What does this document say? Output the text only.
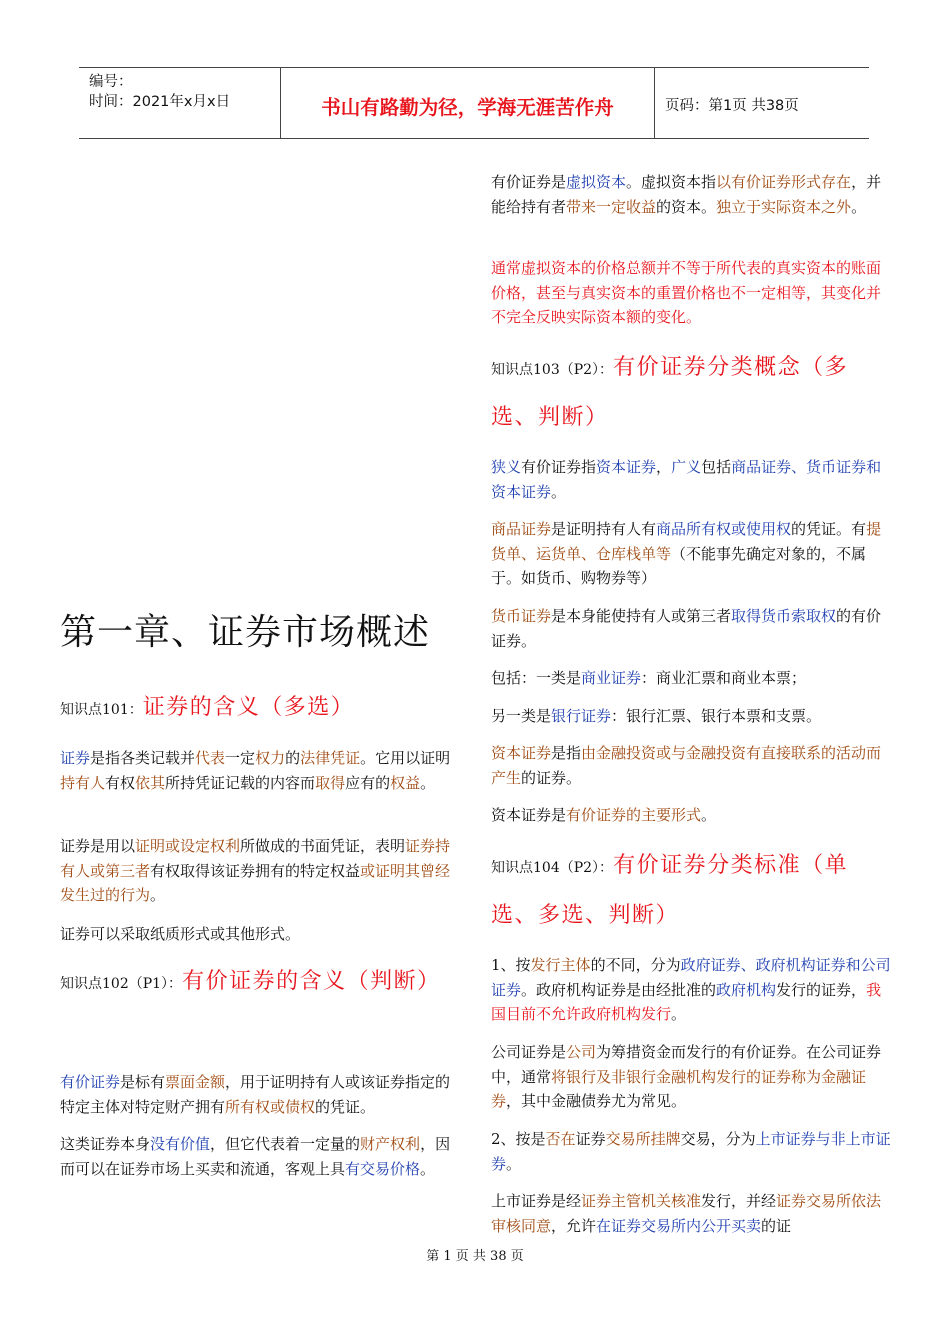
编号：
时间：2021年x月x日	书山有路勤为径，学海无涯苦作舟	页码：第1页 共38页
第一章、证券市场概述
知识点101：证券的含义（多选）

证券是指各类记载并代表一定权力的法律凭证。它用以证明持有人有权依其所持凭证记载的内容而取得应有的权益。

证券是用以证明或设定权利所做成的书面凭证，表明证券持有人或第三者有权取得该证券拥有的特定权益或证明其曾经发生过的行为。

证券可以采取纸质形式或其他形式。

知识点102（P1）：有价证券的含义（判断）

有价证券是标有票面金额，用于证明持有人或该证券指定的特定主体对特定财产拥有所有权或债权的凭证。

这类证券本身没有价值，但它代表着一定量的财产权利，因而可以在证券市场上买卖和流通，客观上具有交易价格。

有价证券是虚拟资本。虚拟资本指以有价证券形式存在，并能给持有者带来一定收益的资本。独立于实际资本之外。

通常虚拟资本的价格总额并不等于所代表的真实资本的账面价格，甚至与真实资本的重置价格也不一定相等，其变化并不完全反映实际资本额的变化。

知识点103（P2）：有价证券分类概念（多选、判断）

狭义有价证券指资本证券，广义包括商品证券、货币证券和资本证券。

商品证券是证明持有人有商品所有权或使用权的凭证。有提货单、运货单、仓库栈单等（不能事先确定对象的，不属于。如货币、购物券等）

货币证券是本身能使持有人或第三者取得货币索取权的有价证券。

包括：一类是商业证券：商业汇票和商业本票；

另一类是银行证券：银行汇票、银行本票和支票。

资本证券是指由金融投资或与金融投资有直接联系的活动而产生的证券。

资本证券是有价证券的主要形式。

知识点104（P2）：有价证券分类标准（单选、多选、判断）

1、按发行主体的不同，分为政府证券、政府机构证券和公司证券。政府机构证券是由经批准的政府机构发行的证券，我国目前不允许政府机构发行。

公司证券是公司为筹措资金而发行的有价证券。在公司证券中，通常将银行及非银行金融机构发行的证券称为金融证券，其中金融债券尤为常见。

2、按是否在证券交易所挂牌交易，分为上市证券与非上市证券。

上市证券是经证券主管机关核准发行，并经证券交易所依法审核同意，允许在证券交易所内公开买卖的证

第 1 页 共 38 页
